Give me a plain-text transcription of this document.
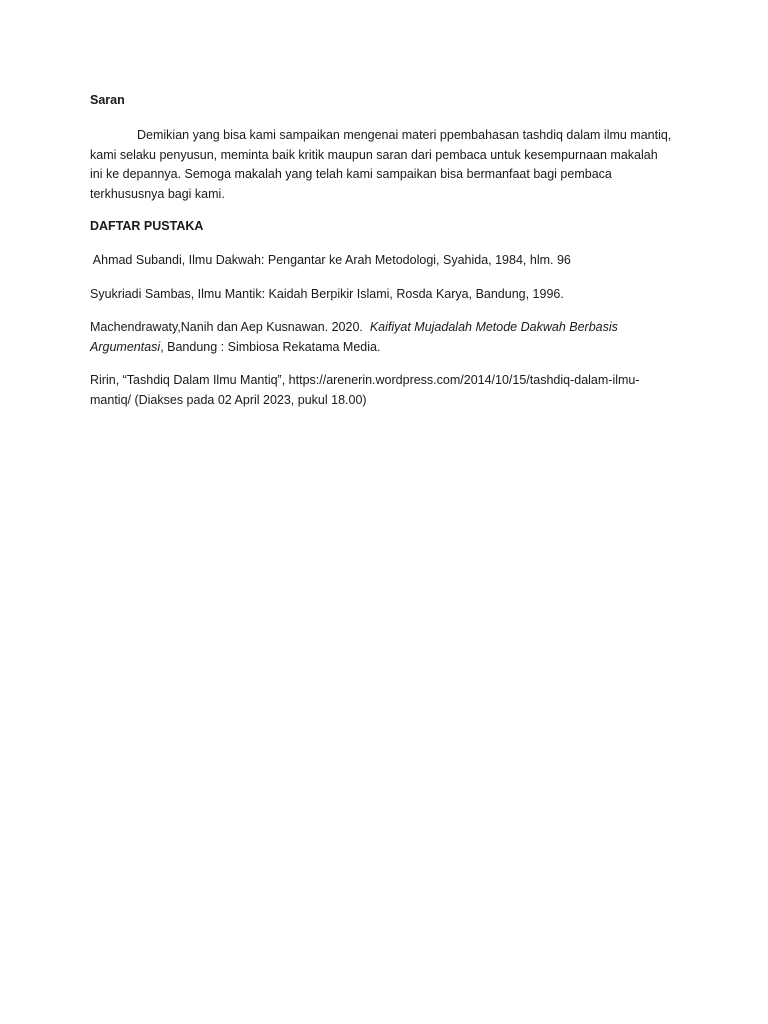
Saran
Demikian yang bisa kami sampaikan mengenai materi ppembahasan tashdiq dalam ilmu mantiq,
kami selaku penyusun, meminta baik kritik maupun saran dari pembaca untuk kesempurnaan makalah
ini ke depannya. Semoga makalah yang telah kami sampaikan bisa bermanfaat bagi pembaca
terkhususnya bagi kami.
DAFTAR PUSTAKA
Ahmad Subandi, Ilmu Dakwah: Pengantar ke Arah Metodologi, Syahida, 1984, hlm. 96
Syukriadi Sambas, Ilmu Mantik: Kaidah Berpikir Islami, Rosda Karya, Bandung, 1996.
Machendrawaty,Nanih dan Aep Kusnawan. 2020.  Kaifiyat Mujadalah Metode Dakwah Berbasis
Argumentasi, Bandung : Simbiosa Rekatama Media.
Ririn, “Tashdiq Dalam Ilmu Mantiq”, https://arenerin.wordpress.com/2014/10/15/tashdiq-dalam-ilmu-
mantiq/ (Diakses pada 02 April 2023, pukul 18.00)
